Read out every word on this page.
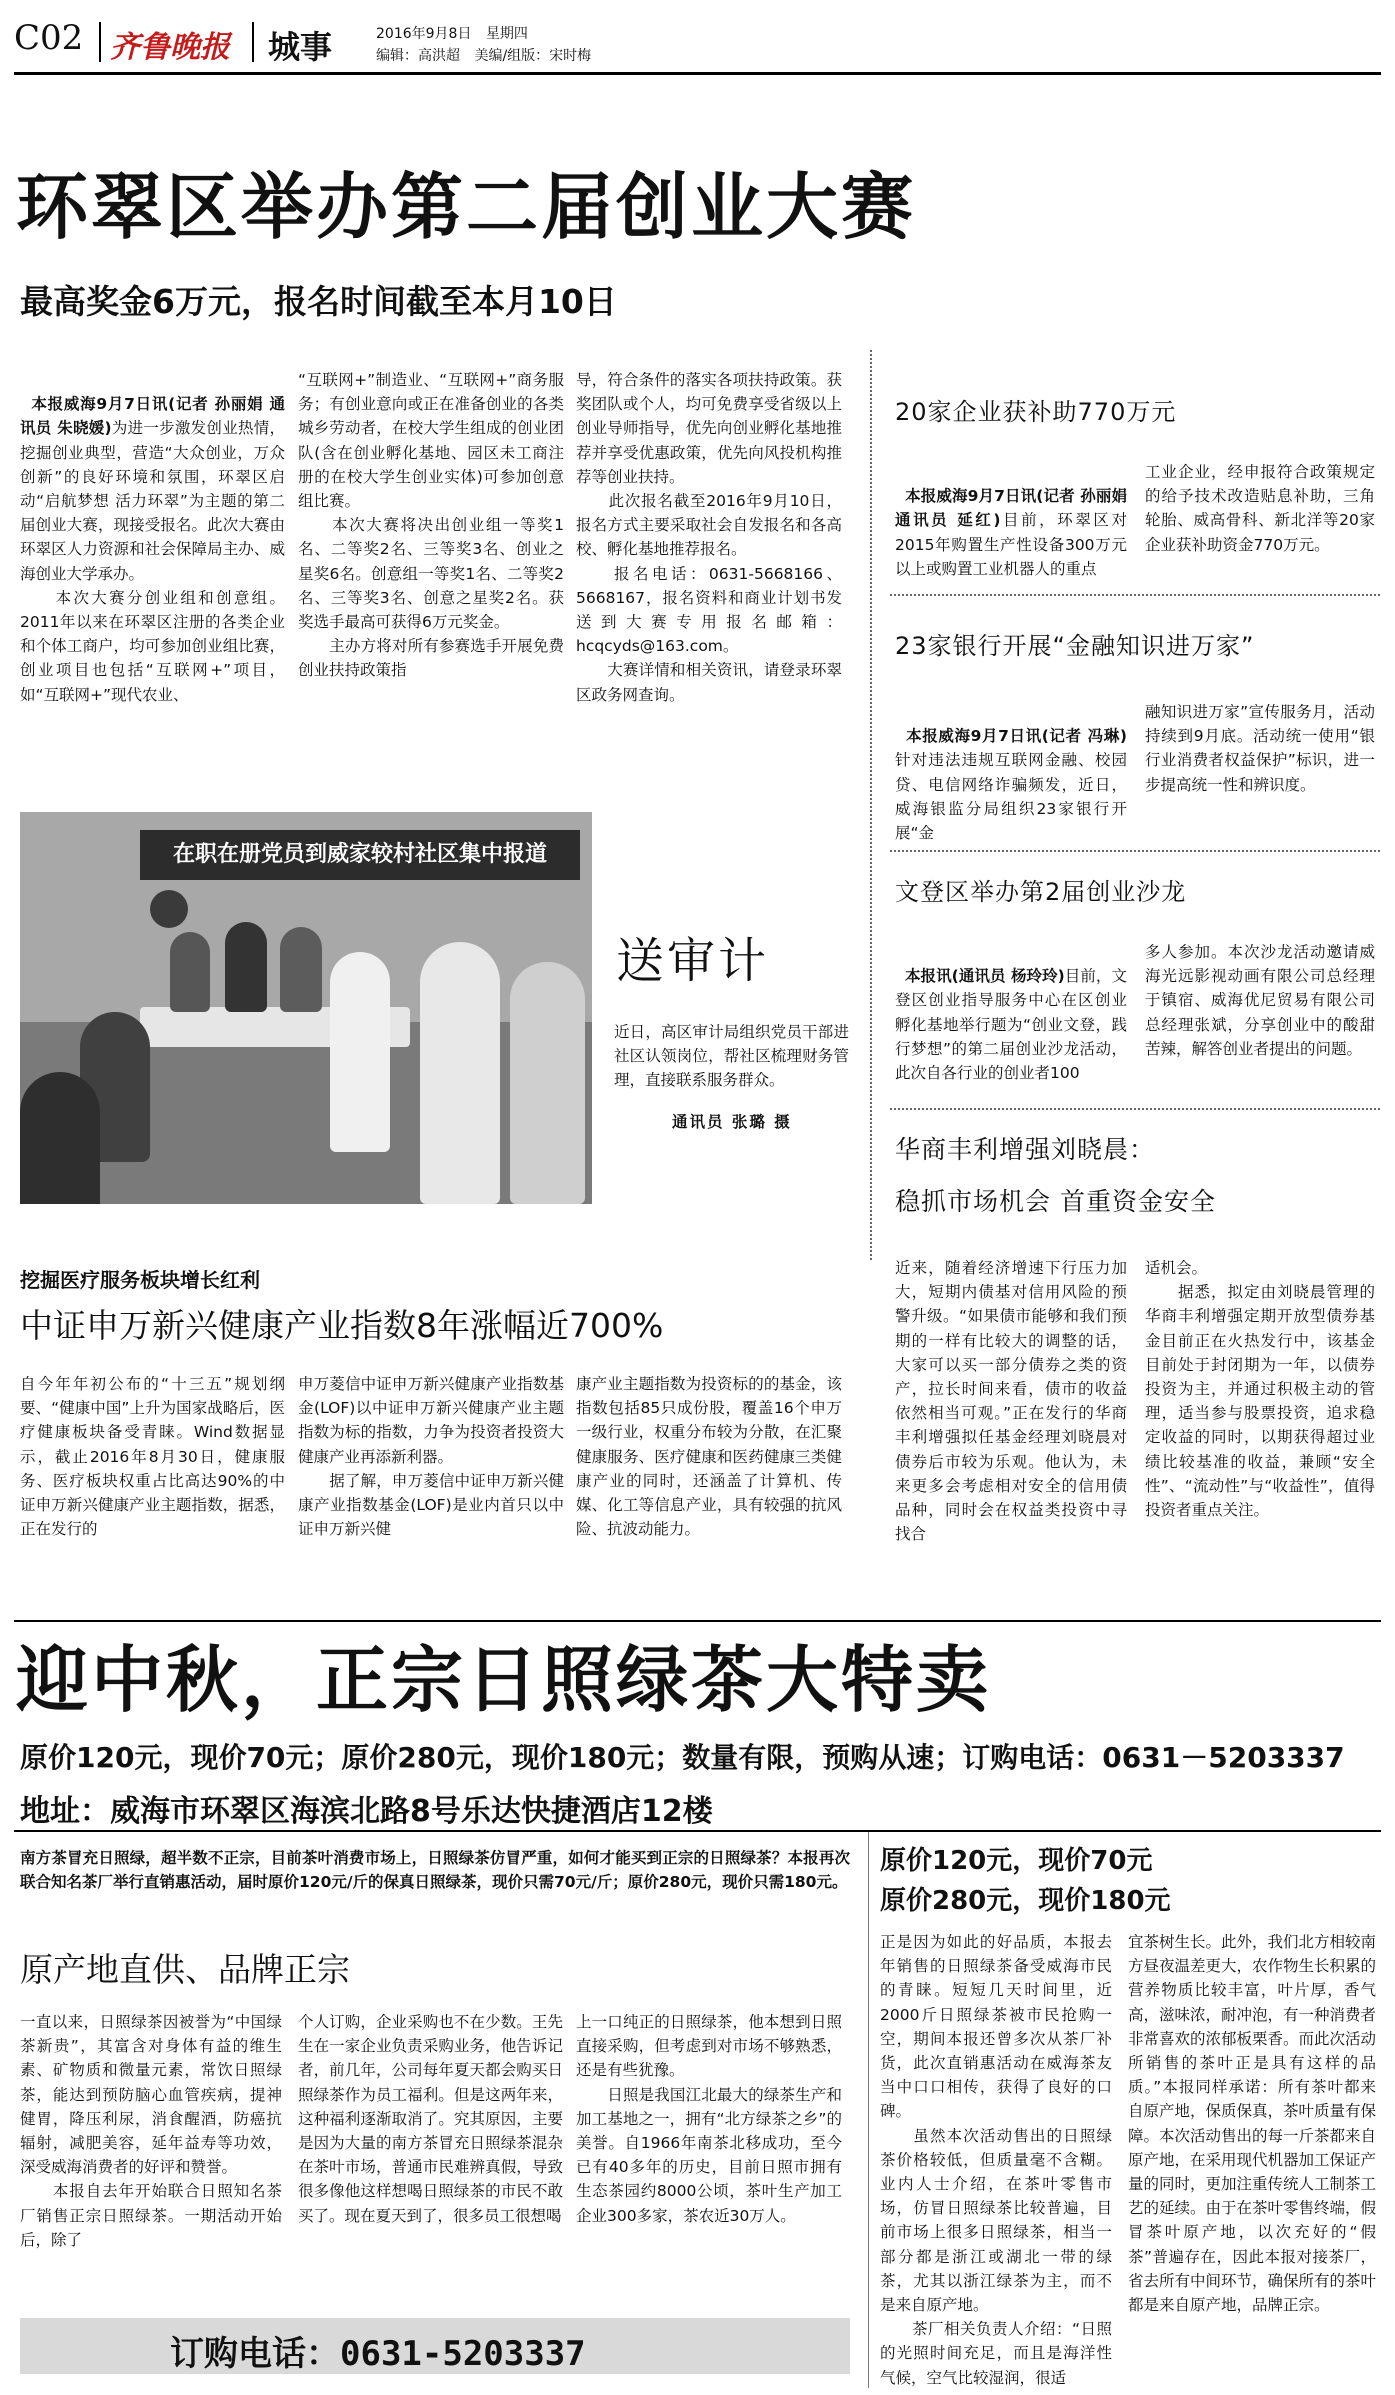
C02 齐鲁晚报 城事	2016年9月8日 星期四
编辑：高洪超 美编/组版：宋时梅
环翠区举办第二届创业大赛
最高奖金6万元，报名时间截至本月10日

本报威海9月7日讯(记者 孙丽娟 通讯员 朱晓媛)为进一步激发创业热情，挖掘创业典型，营造“大众创业，万众创新”的良好环境和氛围，环翠区启动“启航梦想 活力环翠”为主题的第二届创业大赛，现接受报名。此次大赛由环翠区人力资源和社会保障局主办、威海创业大学承办。
　　本次大赛分创业组和创意组。2011年以来在环翠区注册的各类企业和个体工商户，均可参加创业组比赛，创业项目也包括“互联网+”项目，如“互联网+”现代农业、

“互联网+”制造业、“互联网+”商务服务；有创业意向或正在准备创业的各类城乡劳动者，在校大学生组成的创业团队(含在创业孵化基地、园区未工商注册的在校大学生创业实体)可参加创意组比赛。
　　本次大赛将决出创业组一等奖1名、二等奖2名、三等奖3名、创业之星奖6名。创意组一等奖1名、二等奖2名、三等奖3名、创意之星奖2名。获奖选手最高可获得6万元奖金。
　　主办方将对所有参赛选手开展免费创业扶持政策指
导，符合条件的落实各项扶持政策。获奖团队或个人，均可免费享受省级以上创业导师指导，优先向创业孵化基地推荐并享受优惠政策，优先向风投机构推荐等创业扶持。
　　此次报名截至2016年9月10日，报名方式主要采取社会自发报名和各高校、孵化基地推荐报名。
　　报名电话：0631-5668166、5668167，报名资料和商业计划书发送到大赛专用报名邮箱：hcqcyds@163.com。
　　大赛详情和相关资讯，请登录环翠区政务网查询。
20家企业获补助770万元

本报威海9月7日讯(记者 孙丽娟 通讯员 延红)目前，环翠区对2015年购置生产性设备300万元以上或购置工业机器人的重点

工业企业，经申报符合政策规定的给予技术改造贴息补助，三角轮胎、威高骨科、新北洋等20家企业获补助资金770万元。
23家银行开展“金融知识进万家”

本报威海9月7日讯(记者 冯琳)针对违法违规互联网金融、校园贷、电信网络诈骗频发，近日，威海银监分局组织23家银行开展“金

融知识进万家”宣传服务月，活动持续到9月底。活动统一使用“银行业消费者权益保护”标识，进一步提高统一性和辨识度。
文登区举办第2届创业沙龙

本报讯(通讯员 杨玲玲)目前，文登区创业指导服务中心在区创业孵化基地举行题为“创业文登，践行梦想”的第二届创业沙龙活动，此次自各行业的创业者100

多人参加。本次沙龙活动邀请威海光远影视动画有限公司总经理于镇宿、威海优尼贸易有限公司总经理张斌，分享创业中的酸甜苦辣，解答创业者提出的问题。
在职在册党员到威家较村社区集中报道
送审计
近日，高区审计局组织党员干部进社区认领岗位，帮社区梳理财务管理，直接联系服务群众。
通讯员 张璐 摄
挖掘医疗服务板块增长红利
中证申万新兴健康产业指数8年涨幅近700%
自今年年初公布的“十三五”规划纲要、“健康中国”上升为国家战略后，医疗健康板块备受青睐。Wind数据显示，截止2016年8月30日，健康服务、医疗板块权重占比高达90%的中证申万新兴健康产业主题指数，据悉，正在发行的
申万菱信中证申万新兴健康产业指数基金(LOF)以中证申万新兴健康产业主题指数为标的指数，力争为投资者投资大健康产业再添新利器。
　　据了解，申万菱信中证申万新兴健康产业指数基金(LOF)是业内首只以中证申万新兴健
康产业主题指数为投资标的的基金，该指数包括85只成份股，覆盖16个申万一级行业，权重分布较为分散，在汇聚健康服务、医疗健康和医药健康三类健康产业的同时，还涵盖了计算机、传媒、化工等信息产业，具有较强的抗风险、抗波动能力。
华商丰利增强刘晓晨：
稳抓市场机会 首重资金安全
近来，随着经济增速下行压力加大，短期内债基对信用风险的预警升级。“如果债市能够和我们预期的一样有比较大的调整的话，大家可以买一部分债券之类的资产，拉长时间来看，债市的收益依然相当可观。”正在发行的华商丰利增强拟任基金经理刘晓晨对债券后市较为乐观。他认为，未来更多会考虑相对安全的信用债品种，同时会在权益类投资中寻找合
适机会。
　　据悉，拟定由刘晓晨管理的华商丰利增强定期开放型债券基金目前正在火热发行中，该基金目前处于封闭期为一年，以债券投资为主，并通过积极主动的管理，适当参与股票投资，追求稳定收益的同时，以期获得超过业绩比较基准的收益，兼顾“安全性”、“流动性”与“收益性”，值得投资者重点关注。
迎中秋，正宗日照绿茶大特卖
原价120元，现价70元；原价280元，现价180元；数量有限，预购从速；订购电话：0631－5203337
地址：威海市环翠区海滨北路8号乐达快捷酒店12楼
南方茶冒充日照绿，超半数不正宗，目前茶叶消费市场上，日照绿茶仿冒严重，如何才能买到正宗的日照绿茶？本报再次联合知名茶厂举行直销惠活动，届时原价120元/斤的保真日照绿茶，现价只需70元/斤；原价280元，现价只需180元。
原价120元，现价70元
原价280元，现价180元
原产地直供、品牌正宗
一直以来，日照绿茶因被誉为“中国绿茶新贵”，其富含对身体有益的维生素、矿物质和微量元素，常饮日照绿茶，能达到预防脑心血管疾病，提神健胃，降压利尿，消食醒酒，防癌抗辐射，减肥美容，延年益寿等功效，深受威海消费者的好评和赞誉。
　　本报自去年开始联合日照知名茶厂销售正宗日照绿茶。一期活动开始后，除了
个人订购，企业采购也不在少数。王先生在一家企业负责采购业务，他告诉记者，前几年，公司每年夏天都会购买日照绿茶作为员工福利。但是这两年来，这种福利逐渐取消了。究其原因，主要是因为大量的南方茶冒充日照绿茶混杂在茶叶市场，普通市民难辨真假，导致很多像他这样想喝日照绿茶的市民不敢买了。现在夏天到了，很多员工很想喝
上一口纯正的日照绿茶，他本想到日照直接采购，但考虑到对市场不够熟悉，还是有些犹豫。
　　日照是我国江北最大的绿茶生产和加工基地之一，拥有“北方绿茶之乡”的美誉。自1966年南茶北移成功，至今已有40多年的历史，目前日照市拥有生态茶园约8000公顷，茶叶生产加工企业300多家，茶农近30万人。
正是因为如此的好品质，本报去年销售的日照绿茶备受威海市民的青睐。短短几天时间里，近2000斤日照绿茶被市民抢购一空，期间本报还曾多次从茶厂补货，此次直销惠活动在威海茶友当中口口相传，获得了良好的口碑。
　　虽然本次活动售出的日照绿茶价格较低，但质量毫不含糊。业内人士介绍，在茶叶零售市场，仿冒日照绿茶比较普遍，目前市场上很多日照绿茶，相当一部分都是浙江或湖北一带的绿茶，尤其以浙江绿茶为主，而不是来自原产地。
　　茶厂相关负责人介绍：“日照的光照时间充足，而且是海洋性气候，空气比较湿润，很适
宜茶树生长。此外，我们北方相较南方昼夜温差更大，农作物生长积累的营养物质比较丰富，叶片厚，香气高，滋味浓，耐冲泡，有一种消费者非常喜欢的浓郁板栗香。而此次活动所销售的茶叶正是具有这样的品质。”本报同样承诺：所有茶叶都来自原产地，保质保真，茶叶质量有保障。本次活动售出的每一斤茶都来自原产地，在采用现代机器加工保证产量的同时，更加注重传统人工制茶工艺的延续。由于在茶叶零售终端，假冒茶叶原产地，以次充好的“假茶”普遍存在，因此本报对接茶厂，省去所有中间环节，确保所有的茶叶都是来自原产地，品牌正宗。
订购电话：0631-5203337
